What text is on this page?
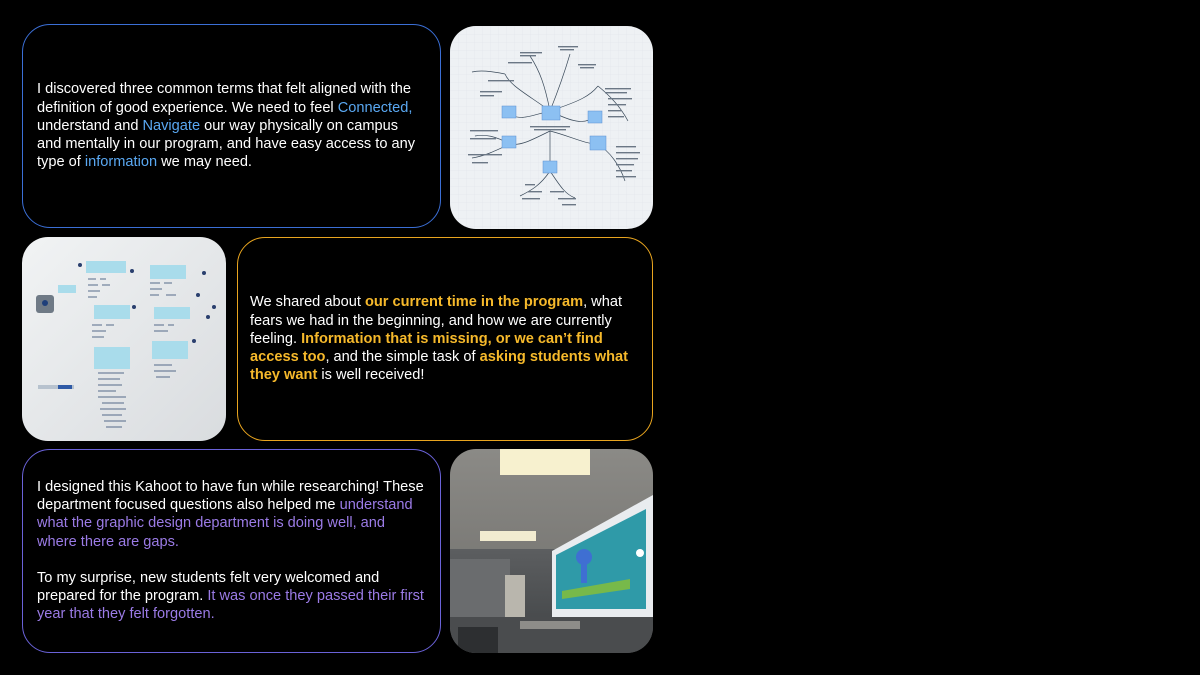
I discovered three common terms that felt aligned with the definition of good experience. We need to feel Connected, understand and Navigate our way physically on campus and mentally in our program, and have easy access to any type of information we may need.

We shared about our current time in the program, what fears we had in the beginning, and how we are currently feeling. Information that is missing, or we can’t find access too, and the simple task of asking students what they want is well received!

I designed this Kahoot to have fun while researching! These department focused questions also helped me understand what the graphic design department is doing well, and where there are gaps.

To my surprise, new students felt very welcomed and prepared for the program. It was once they passed their first year that they felt forgotten.
